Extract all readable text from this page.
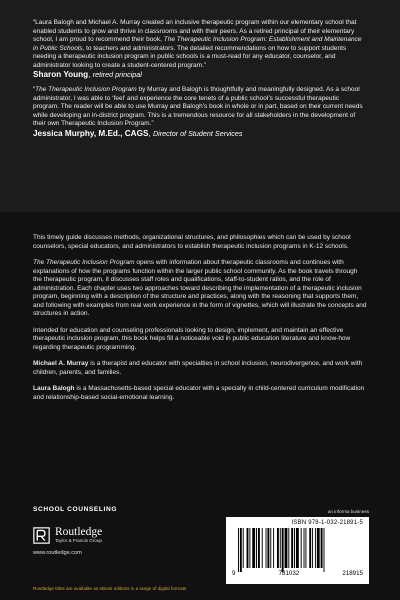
“Laura Balogh and Michael A. Murray created an inclusive therapeutic program within our elementary school that enabled students to grow and thrive in classrooms and with their peers. As a retired principal of their elementary school, I am proud to recommend their book, The Therapeutic Inclusion Program: Establishment and Maintenance in Public Schools, to teachers and administrators. The detailed recommendations on how to support students needing a therapeutic inclusion program in public schools is a must-read for any educator, counselor, and administrator looking to create a student-centered program.”

Sharon Young, retired principal

“The Therapeutic Inclusion Program by Murray and Balogh is thoughtfully and meaningfully designed. As a school administrator, I was able to ‘feel’ and experience the core tenets of a public school’s successful therapeutic program. The reader will be able to use Murray and Balogh’s book in whole or in part, based on their current needs while developing an in-district program. This is a tremendous resource for all stakeholders in the development of their own Therapeutic Inclusion Program.”

Jessica Murphy, M.Ed., CAGS, Director of Student Services

This timely guide discusses methods, organizational structures, and philosophies which can be used by school counselors, special educators, and administrators to establish therapeutic inclusion programs in K-12 schools.

The Therapeutic Inclusion Program opens with information about therapeutic classrooms and continues with explanations of how the programs function within the larger public school community. As the book travels through the therapeutic program, it discusses staff roles and qualifications, staff-to-student ratios, and the role of administration. Each chapter uses two approaches toward describing the implementation of a therapeutic inclusion program, beginning with a description of the structure and practices, along with the reasoning that supports them, and following with examples from real work experience in the form of vignettes, which will illustrate the concepts and structures in action.

Intended for education and counseling professionals looking to design, implement, and maintain an effective therapeutic inclusion program, this book helps fill a noticeable void in public education literature and know-how regarding therapeutic programming.

Michael A. Murray is a therapist and educator with specialties in school inclusion, neurodivergence, and work with children, parents, and families.

Laura Balogh is a Massachusetts-based special educator with a specialty in child-centered curriculum modification and relationship-based social-emotional learning.

SCHOOL COUNSELING
Routledge
Taylor & Francis Group
www.routledge.com
an informa business
ISBN 978-1-032-21891-5
9	781032	218915
Routledge titles are available as eBook editions in a range of digital formats
